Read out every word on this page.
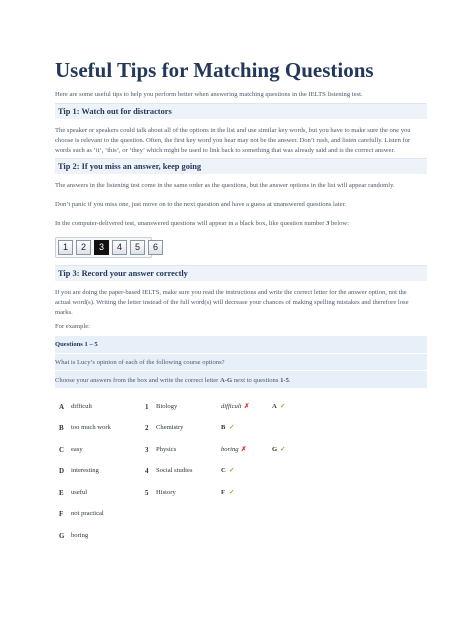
Useful Tips for Matching Questions
Here are some useful tips to help you perform better when answering matching questions in the IELTS listening test.
Tip 1: Watch out for distractors
The speaker or speakers could talk about all of the options in the list and use similar key words, but you have to make sure the one you
choose is relevant to the question. Often, the first key word you hear may not be the answer. Don’t rush, and listen carefully. Listen for
words such as ‘it’, ‘this’, or ‘they’ which might be used to link back to something that was already said and is the correct answer.
Tip 2: If you miss an answer, keep going
The answers in the listening test come in the same order as the questions, but the answer options in the list will appear randomly.
Don’t panic if you miss one, just move on to the next question and have a guess at unanswered questions later.
In the computer-delivered test, unanswered questions will appear in a black box, like question number 3 below:
1	2	3	4	5	6
Tip 3: Record your answer correctly
If you are doing the paper-based IELTS, make sure you read the instructions and write the correct letter for the answer option, not the
actual word(s). Writing the letter instead of the full word(s) will decrease your chances of making spelling mistakes and therefore lose
marks.
For example:
Questions 1 – 5
What is Lucy’s opinion of each of the following course options?
Choose your answers from the box and write the correct letter A-G next to questions 1-5.
A difficult	1 Biology	difficult ✗	A ✓
B too much work	2 Chemistry	B ✓
C easy	3 Physics	boring ✗	G ✓
D interesting	4 Social studies	C ✓
E useful	5 History	F ✓
F not practical
G boring
